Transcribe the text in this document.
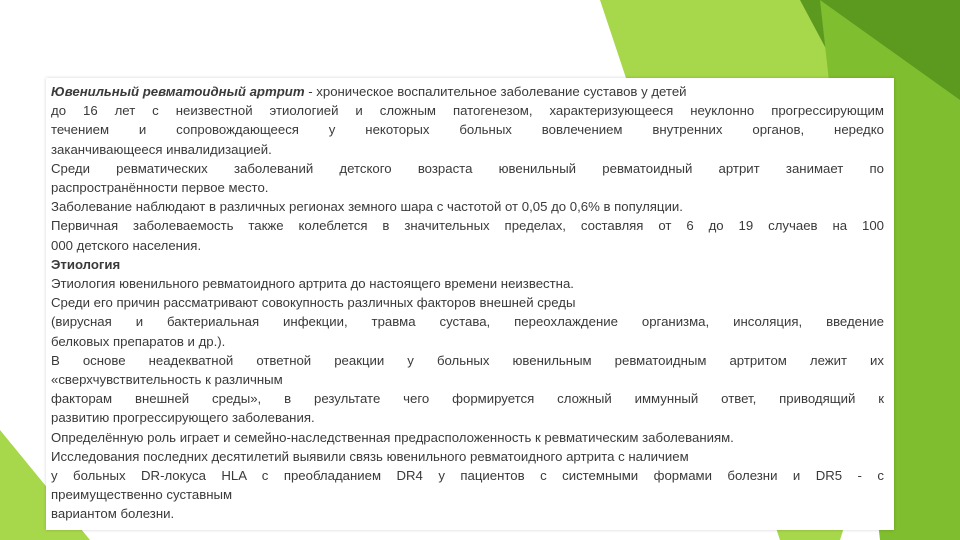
Ювенильный ревматоидный артрит - хроническое воспалительное заболевание суставов у детей

до 16 лет с неизвестной этиологией и сложным патогенезом, характеризующееся неуклонно прогрессирующим

течением и сопровождающееся у некоторых больных вовлечением внутренних органов, нередко

заканчивающееся инвалидизацией.

Среди ревматических заболеваний детского возраста ювенильный ревматоидный артрит занимает по

распространённости первое место.

Заболевание наблюдают в различных регионах земного шара с частотой от 0,05 до 0,6% в популяции.

Первичная заболеваемость также колеблется в значительных пределах, составляя от 6 до 19 случаев на 100

000 детского населения.

Этиология

Этиология ювенильного ревматоидного артрита до настоящего времени неизвестна.

Среди его причин рассматривают совокупность различных факторов внешней среды

(вирусная и бактериальная инфекции, травма сустава, переохлаждение организма, инсоляция, введение

белковых препаратов и др.).

В основе неадекватной ответной реакции у больных ювенильным ревматоидным артритом лежит их

«сверхчувствительность к различным

факторам внешней среды», в результате чего формируется сложный иммунный ответ, приводящий к

развитию прогрессирующего заболевания.

Определённую роль играет и семейно-наследственная предрасположенность к ревматическим заболеваниям.

Исследования последних десятилетий выявили связь ювенильного ревматоидного артрита с наличием

у больных DR-локуса HLA с преобладанием DR4 у пациентов с системными формами болезни и DR5 - с

преимущественно суставным

вариантом болезни.
